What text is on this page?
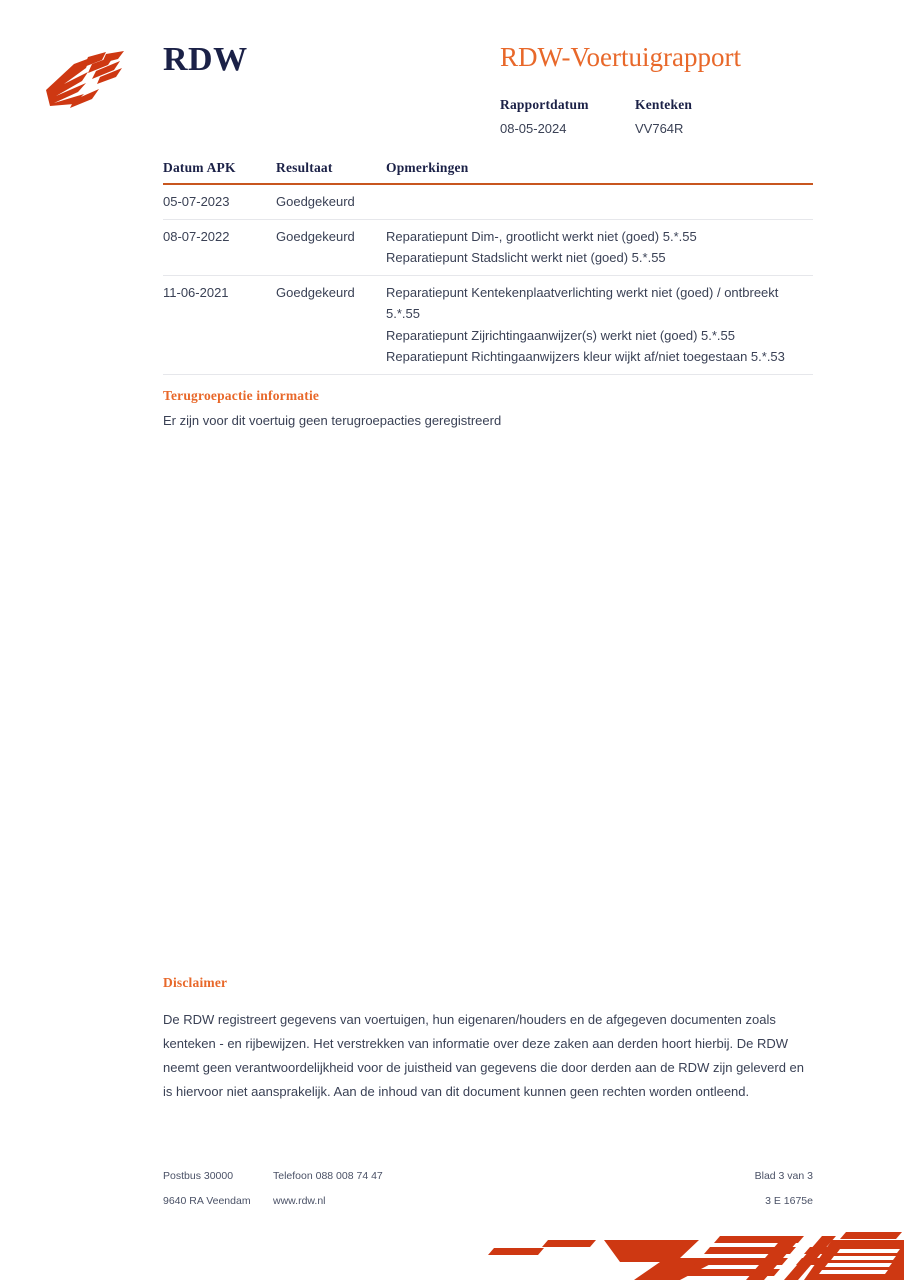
RDW	RDW-Voertuigrapport
Rapportdatum
08-05-2024
Kenteken
VV764R
Datum APK	Resultaat	Opmerkingen
05-07-2023	Goedgekeurd

08-07-2022	Goedgekeurd	Reparatiepunt Dim-, grootlicht werkt niet (goed) 5.*.55
Reparatiepunt Stadslicht werkt niet (goed) 5.*.55
11-06-2021	Goedgekeurd	Reparatiepunt Kentekenplaatverlichting werkt niet (goed) / ontbreekt 5.*.55
Reparatiepunt Zijrichtingaanwijzer(s) werkt niet (goed) 5.*.55
Reparatiepunt Richtingaanwijzers kleur wijkt af/niet toegestaan 5.*.53
Terugroepactie informatie
Er zijn voor dit voertuig geen terugroepacties geregistreerd
Disclaimer
De RDW registreert gegevens van voertuigen, hun eigenaren/houders en de afgegeven documenten zoals kenteken - en rijbewijzen. Het verstrekken van informatie over deze zaken aan derden hoort hierbij. De RDW neemt geen verantwoordelijkheid voor de juistheid van gegevens die door derden aan de RDW zijn geleverd en is hiervoor niet aansprakelijk. Aan de inhoud van dit document kunnen geen rechten worden ontleend.
Postbus 30000	Telefoon 088 008 74 47	Blad 3 van 3
9640 RA Veendam	www.rdw.nl	3 E 1675e
